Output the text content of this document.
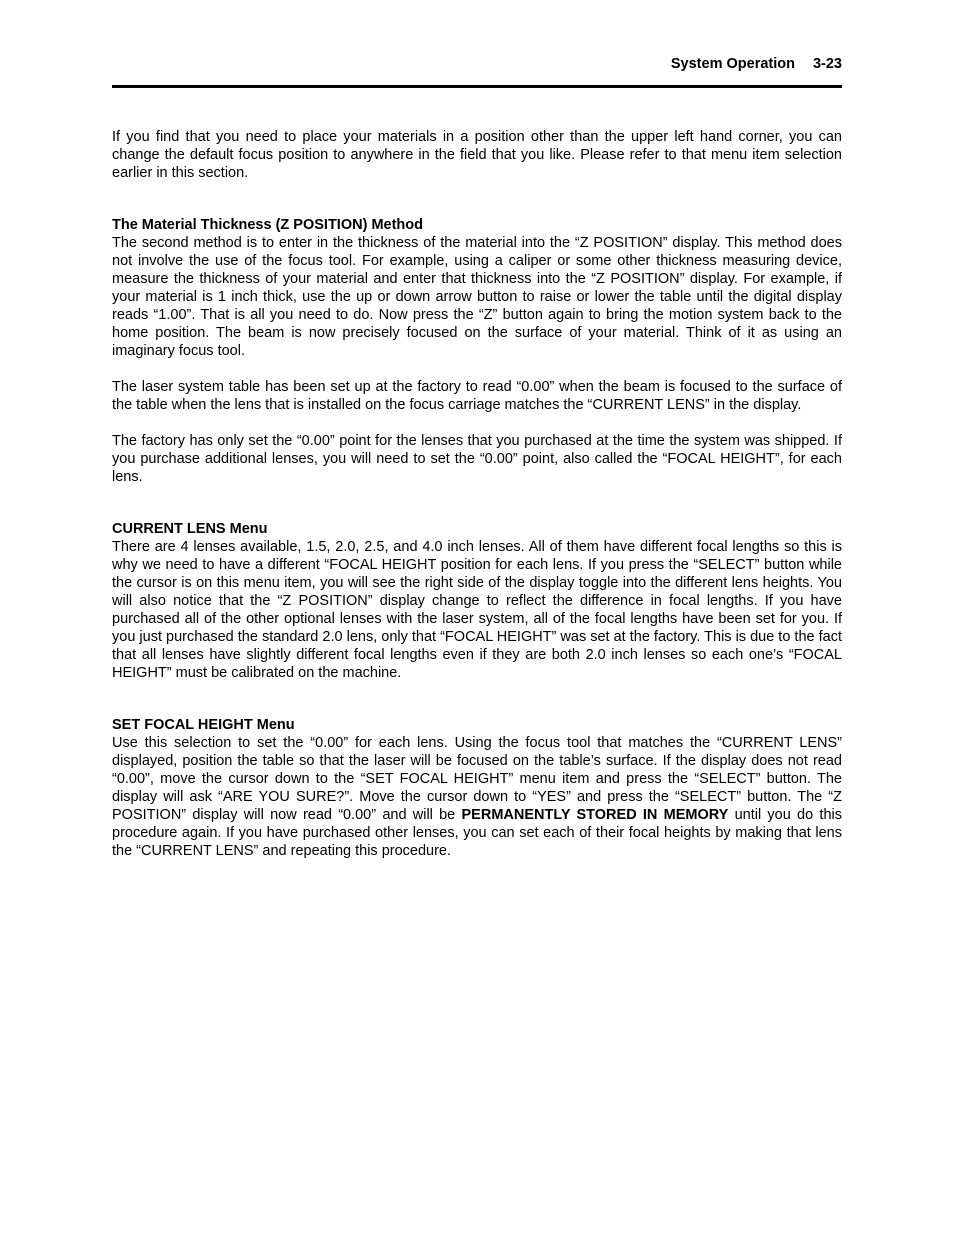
System Operation 3-23

If you find that you need to place your materials in a position other than the upper left hand corner, you can change the default focus position to anywhere in the field that you like. Please refer to that menu item selection earlier in this section.

The Material Thickness (Z POSITION) Method

The second method is to enter in the thickness of the material into the “Z POSITION” display. This method does not involve the use of the focus tool. For example, using a caliper or some other thickness measuring device, measure the thickness of your material and enter that thickness into the “Z POSITION” display. For example, if your material is 1 inch thick, use the up or down arrow button to raise or lower the table until the digital display reads “1.00”. That is all you need to do. Now press the “Z” button again to bring the motion system back to the home position. The beam is now precisely focused on the surface of your material. Think of it as using an imaginary focus tool.

The laser system table has been set up at the factory to read “0.00” when the beam is focused to the surface of the table when the lens that is installed on the focus carriage matches the “CURRENT LENS” in the display.

The factory has only set the “0.00” point for the lenses that you purchased at the time the system was shipped. If you purchase additional lenses, you will need to set the “0.00” point, also called the “FOCAL HEIGHT”, for each lens.

CURRENT LENS Menu

There are 4 lenses available, 1.5, 2.0, 2.5, and 4.0 inch lenses. All of them have different focal lengths so this is why we need to have a different “FOCAL HEIGHT position for each lens. If you press the “SELECT” button while the cursor is on this menu item, you will see the right side of the display toggle into the different lens heights. You will also notice that the “Z POSITION” display change to reflect the difference in focal lengths. If you have purchased all of the other optional lenses with the laser system, all of the focal lengths have been set for you. If you just purchased the standard 2.0 lens, only that “FOCAL HEIGHT” was set at the factory. This is due to the fact that all lenses have slightly different focal lengths even if they are both 2.0 inch lenses so each one’s “FOCAL HEIGHT” must be calibrated on the machine.

SET FOCAL HEIGHT Menu

Use this selection to set the “0.00” for each lens. Using the focus tool that matches the “CURRENT LENS” displayed, position the table so that the laser will be focused on the table’s surface. If the display does not read “0.00”, move the cursor down to the “SET FOCAL HEIGHT” menu item and press the “SELECT” button. The display will ask “ARE YOU SURE?”. Move the cursor down to “YES” and press the “SELECT” button. The “Z POSITION” display will now read “0.00” and will be PERMANENTLY STORED IN MEMORY until you do this procedure again. If you have purchased other lenses, you can set each of their focal heights by making that lens the “CURRENT LENS” and repeating this procedure.
